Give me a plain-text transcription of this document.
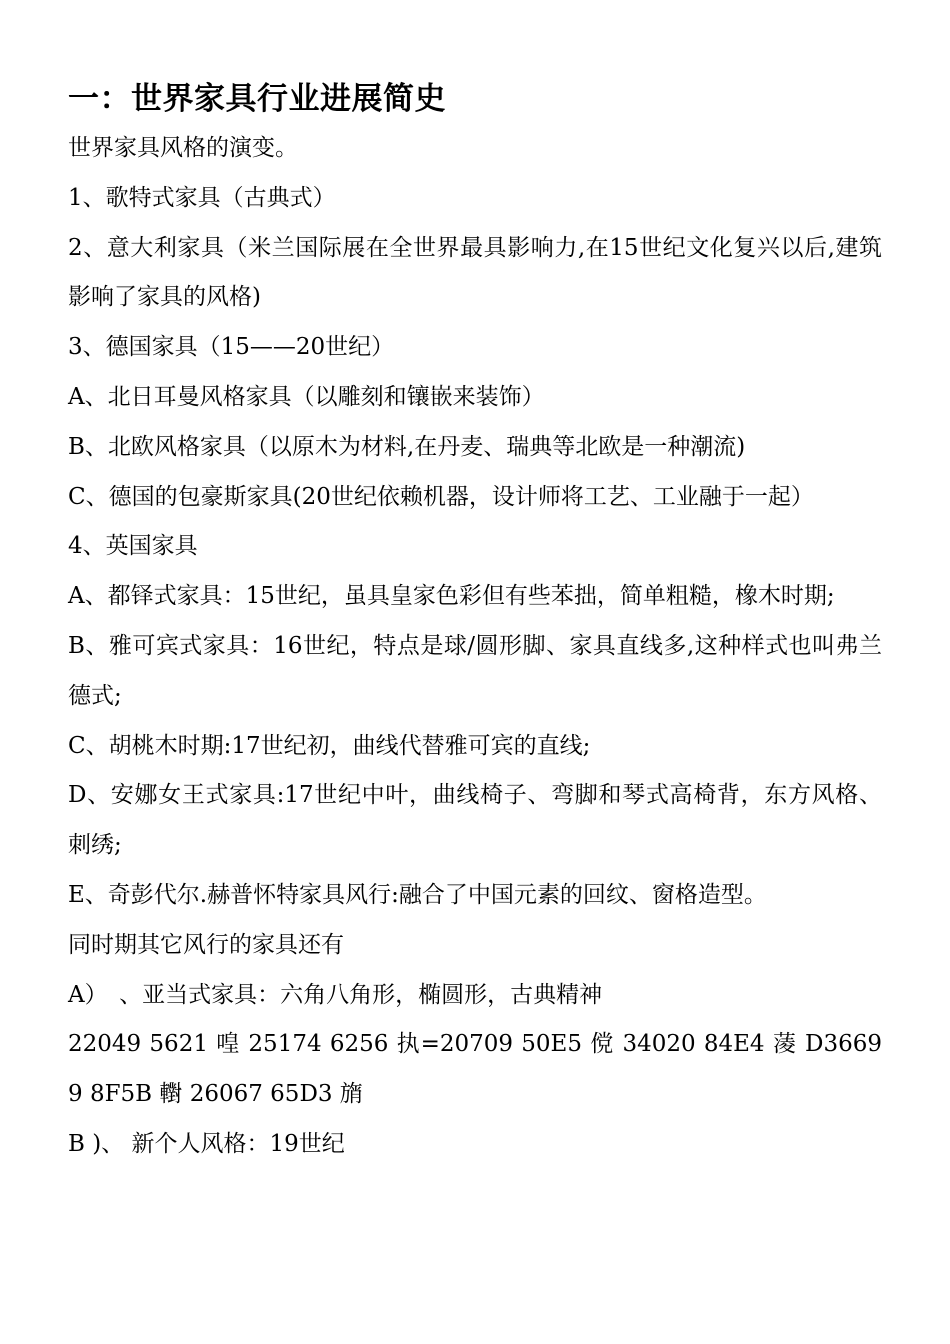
一：世界家具行业进展简史

世界家具风格的演变。

1、歌特式家具（古典式）

2、意大利家具（米兰国际展在全世界最具影响力,在15世纪文化复兴以后,建筑影响了家具的风格)

3、德国家具（15——20世纪）

A、北日耳曼风格家具（以雕刻和镶嵌来装饰）

B、北欧风格家具（以原木为材料,在丹麦、瑞典等北欧是一种潮流)

C、德国的包豪斯家具(20世纪依赖机器，设计师将工艺、工业融于一起）

4、英国家具

A、都铎式家具：15世纪，虽具皇家色彩但有些苯拙，简单粗糙，橡木时期;

B、雅可宾式家具：16世纪，特点是球/圆形脚、家具直线多,这种样式也叫弗兰德式;

C、胡桃木时期:17世纪初，曲线代替雅可宾的直线;

D、安娜女王式家具:17世纪中叶，曲线椅子、弯脚和琴式高椅背，东方风格、刺绣;

E、奇彭代尔.赫普怀特家具风行:融合了中国元素的回纹、窗格造型。

同时期其它风行的家具还有

A）　、亚当式家具：六角八角形，椭圆形，古典精神

22049 5621 喤 25174 6256 执=20709 50E5 傥 34020 84E4 蓤 D36699 8F5B 轛 26067 65D3 旓

B )、 新个人风格：19世纪
